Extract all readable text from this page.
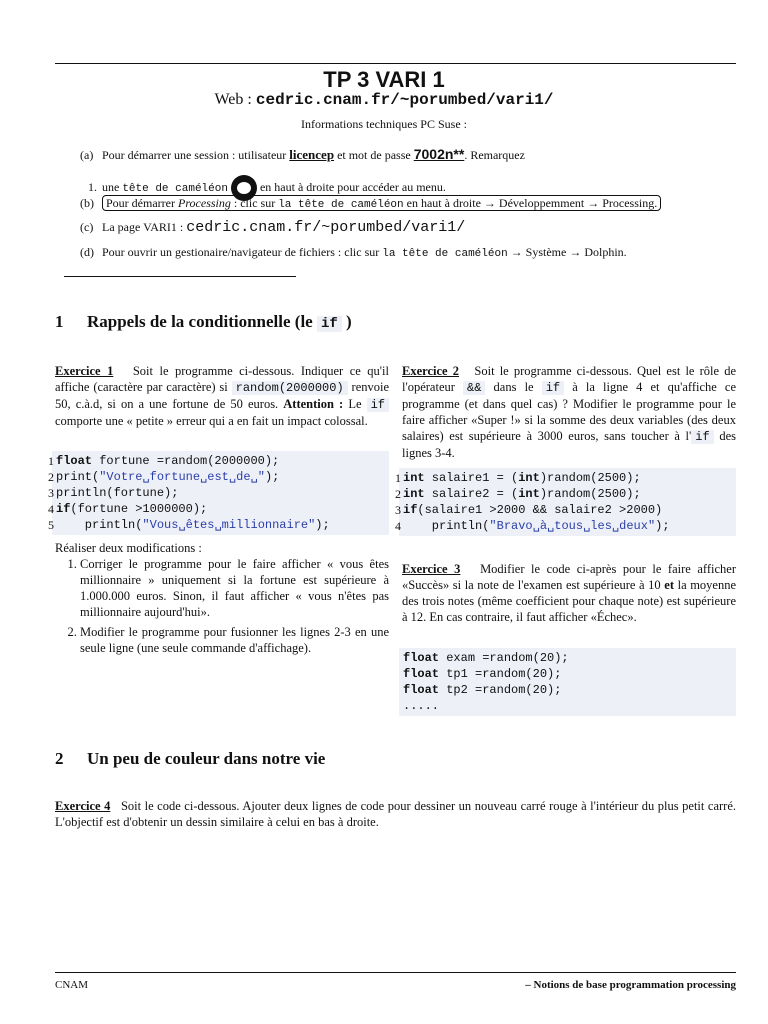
TP 3 VARI 1
Web : cedric.cnam.fr/~porumbed/vari1/
Informations techniques PC Suse :
(a) Pour démarrer une session : utilisateur licencep et mot de passe 7002n**. Remarquez
1. une tête de caméléon	en haut à droite pour accéder au menu.
(b) Pour démarrer Processing : clic sur la tête de caméléon en haut à droite → Développemment → Processing.
(c) La page VARI1 : cedric.cnam.fr/~porumbed/vari1/
(d) Pour ouvrir un gestionaire/navigateur de fichiers : clic sur la tête de caméléon → Système → Dolphin.
1 Rappels de la conditionnelle (le if )
Exercice 1 Soit le programme ci-dessous. Indiquer ce qu'il affiche (caractère par caractère) si random(2000000) renvoie 50, c.à.d, si on a une fortune de 50 euros. Attention : Le if comporte une « petite » erreur qui a en fait un impact colossal.
1 float fortune =random(2000000);
2 print("Votre␣fortune␣est␣de␣");
3 println(fortune);
4 if(fortune >1000000);
5 println("Vous␣êtes␣millionnaire");
Réaliser deux modifications :
1. Corriger le programme pour le faire afficher « vous êtes millionnaire » uniquement si la fortune est supérieure à 1.000.000 euros. Sinon, il faut afficher « vous n'êtes pas millionnaire aujourd'hui».
2. Modifier le programme pour fusionner les lignes 2-3 en une seule ligne (une seule commande d'affichage).
Exercice 2 Soit le programme ci-dessous. Quel est le rôle de l'opérateur && dans le if à la ligne 4 et qu'affiche ce programme (et dans quel cas) ? Modifier le programme pour le faire afficher «Super !» si la somme des deux variables (des deux salaires) est supérieure à 3000 euros, sans toucher à l' if des lignes 3-4.
1 int salaire1 = (int)random(2500);
2 int salaire2 = (int)random(2500);
3 if(salaire1 >2000 && salaire2 >2000)
4 println("Bravo␣à␣tous␣les␣deux");
Exercice 3 Modifier le code ci-après pour le faire afficher «Succès» si la note de l'examen est supérieure à 10 et la moyenne des trois notes (même coefficient pour chaque note) est supérieure à 12. En cas contraire, il faut afficher «Échec».
float exam =random(20);
float tp1 =random(20);
float tp2 =random(20);
.....
2 Un peu de couleur dans notre vie
Exercice 4 Soit le code ci-dessous. Ajouter deux lignes de code pour dessiner un nouveau carré rouge à l'intérieur du plus petit carré. L'objectif est d'obtenir un dessin similaire à celui en bas à droite.
CNAM	– Notions de base programmation processing
